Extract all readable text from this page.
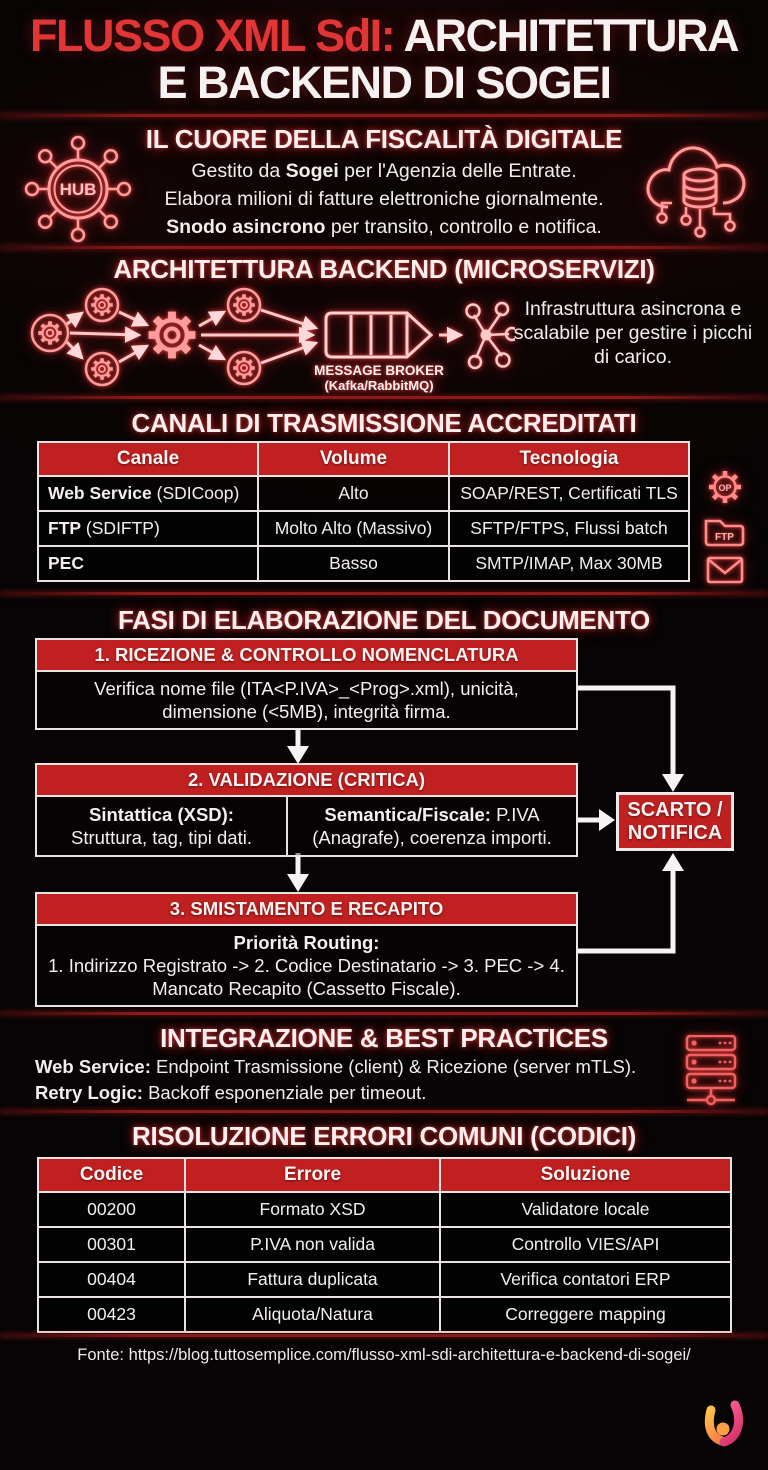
FLUSSO XML SdI: ARCHITETTURA
E BACKEND DI SOGEI
IL CUORE DELLA FISCALITÀ DIGITALE
Gestito da Sogei per l'Agenzia delle Entrate.
Elabora milioni di fatture elettroniche giornalmente.
Snodo asincrono per transito, controllo e notifica.
HUB
ARCHITETTURA BACKEND (MICROSERVIZI)
MESSAGE BROKER
(Kafka/RabbitMQ)
Infrastruttura asincrona e scalabile per gestire i picchi di carico.
CANALI DI TRASMISSIONE ACCREDITATI
Canale	Volume	Tecnologia
Web Service (SDICoop)	Alto	SOAP/REST, Certificati TLS
FTP (SDIFTP)	Molto Alto (Massivo)	SFTP/FTPS, Flussi batch
PEC	Basso	SMTP/IMAP, Max 30MB
OP
FTP
FASI DI ELABORAZIONE DEL DOCUMENTO
1. RICEZIONE & CONTROLLO NOMENCLATURA
Verifica nome file (ITA<P.IVA>_<Prog>.xml), unicità, dimensione (<5MB), integrità firma.
2. VALIDAZIONE (CRITICA)
Sintattica (XSD):
Struttura, tag, tipi dati.
Semantica/Fiscale: P.IVA (Anagrafe), coerenza importi.
3. SMISTAMENTO E RECAPITO
Priorità Routing:
1. Indirizzo Registrato -> 2. Codice Destinatario -> 3. PEC -> 4. Mancato Recapito (Cassetto Fiscale).
SCARTO / NOTIFICA
INTEGRAZIONE & BEST PRACTICES
Web Service: Endpoint Trasmissione (client) & Ricezione (server mTLS).
Retry Logic: Backoff esponenziale per timeout.
RISOLUZIONE ERRORI COMUNI (CODICI)
Codice	Errore	Soluzione
00200	Formato XSD	Validatore locale
00301	P.IVA non valida	Controllo VIES/API
00404	Fattura duplicata	Verifica contatori ERP
00423	Aliquota/Natura	Correggere mapping
Fonte: https://blog.tuttosemplice.com/flusso-xml-sdi-architettura-e-backend-di-sogei/
